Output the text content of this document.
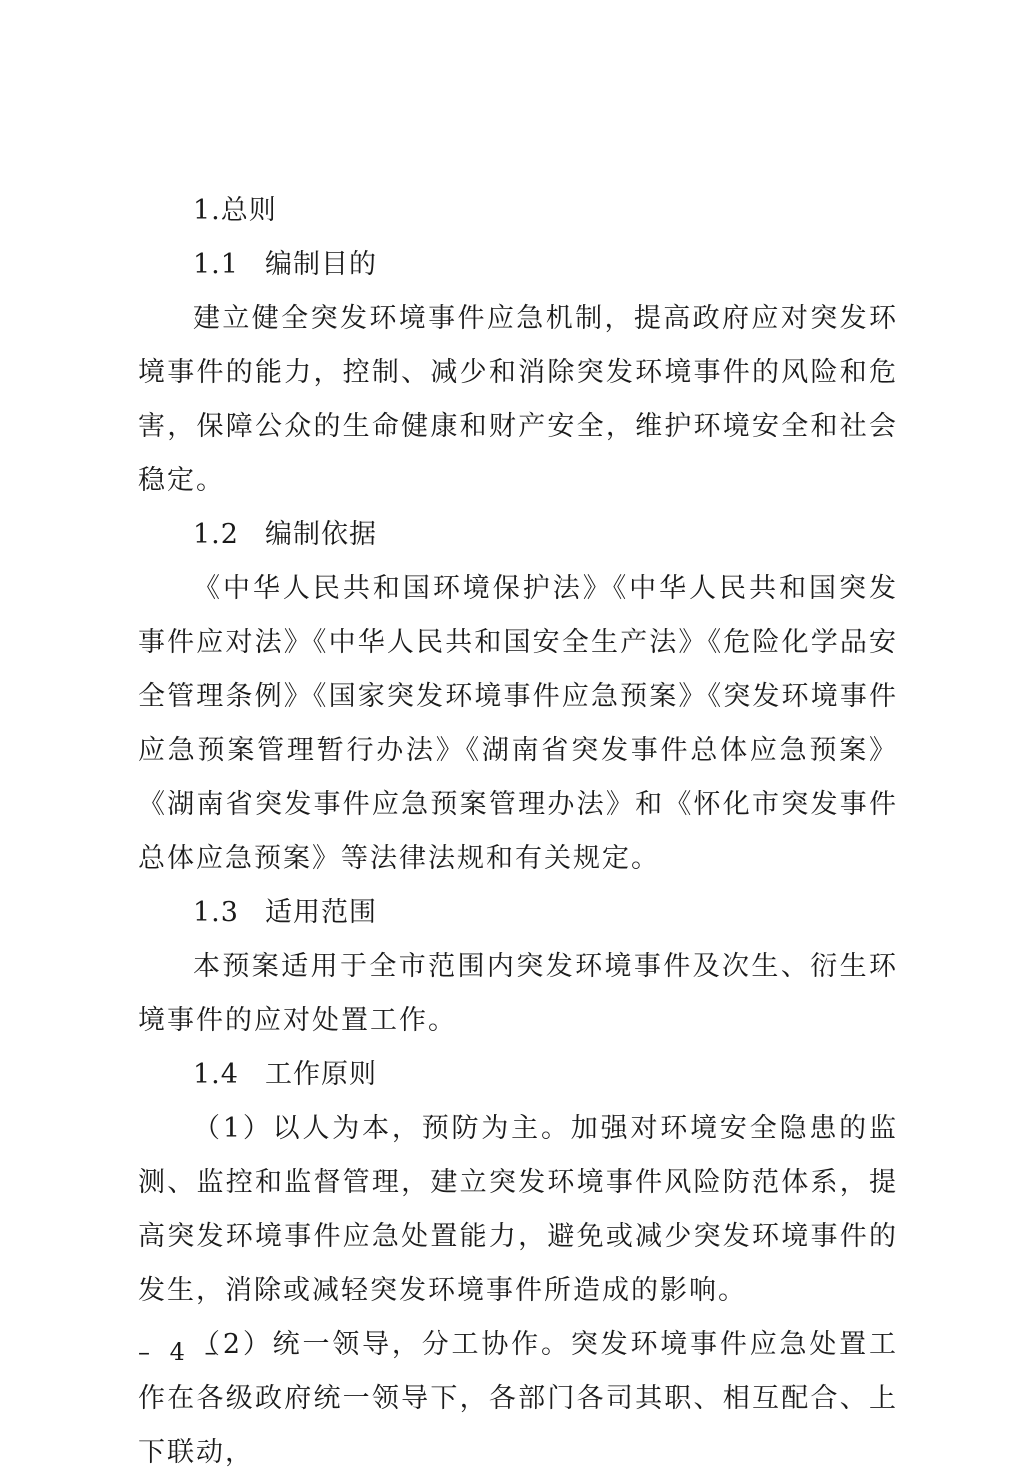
1.总则
1.1 编制目的

建立健全突发环境事件应急机制，提高政府应对突发环境事件的能力，控制、减少和消除突发环境事件的风险和危害，保障公众的生命健康和财产安全，维护环境安全和社会稳定。

1.2 编制依据

《中华人民共和国环境保护法》《中华人民共和国突发事件应对法》《中华人民共和国安全生产法》《危险化学品安全管理条例》《国家突发环境事件应急预案》《突发环境事件应急预案管理暂行办法》《湖南省突发事件总体应急预案》《湖南省突发事件应急预案管理办法》和《怀化市突发事件总体应急预案》等法律法规和有关规定。

1.3 适用范围

本预案适用于全市范围内突发环境事件及次生、衍生环境事件的应对处置工作。

1.4 工作原则

（1）以人为本，预防为主。加强对环境安全隐患的监测、监控和监督管理，建立突发环境事件风险防范体系，提高突发环境事件应急处置能力，避免或减少突发环境事件的发生，消除或减轻突发环境事件所造成的影响。

（2）统一领导，分工协作。突发环境事件应急处置工作在各级政府统一领导下，各部门各司其职、相互配合、上下联动，

– 4 –
